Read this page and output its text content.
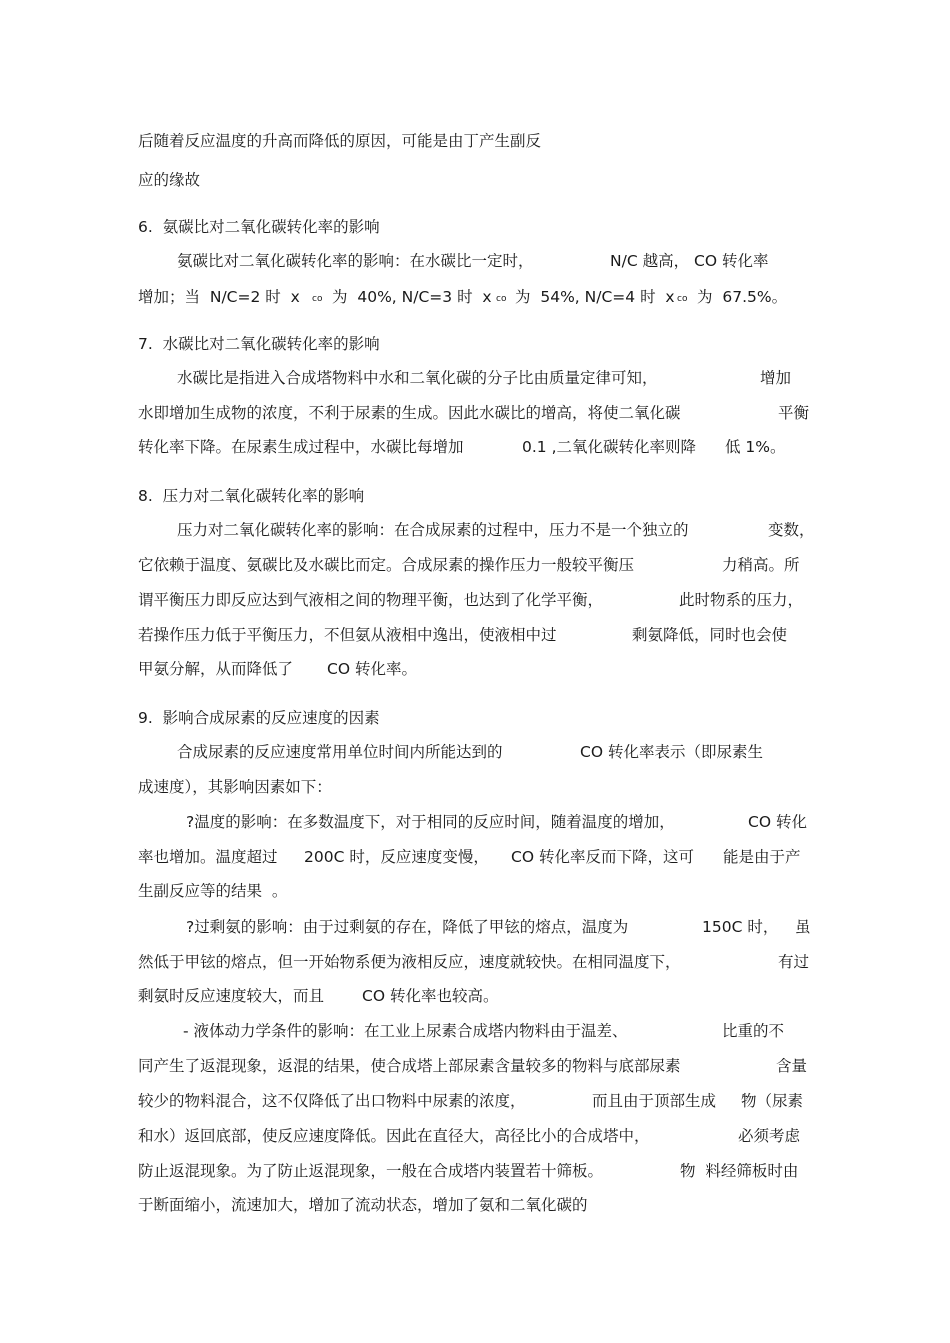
后随着反应温度的升高而降低的原因，可能是由丁产生副反
应的缘故
6.  氨碳比对二氧化碳转化率的影响
氨碳比对二氧化碳转化率的影响：在水碳比一定时，	N/C 越高， CO 转化率
增加；当  N/C=2 时  x co 为  40%, N/C=3 时  x co 为  54%, N/C=4 时  x co 为  67.5%。
7.  水碳比对二氧化碳转化率的影响
水碳比是指进入合成塔物料中水和二氧化碳的分子比由质量定律可知，	增加
水即增加生成物的浓度，不利于尿素的生成。因此水碳比的增高，将使二氧化碳	平衡
转化率下降。在尿素生成过程中，水碳比每增加	0.1 ,二氧化碳转化率则降 低 1%。
8.  压力对二氧化碳转化率的影响
压力对二氧化碳转化率的影响：在合成尿素的过程中，压力不是一个独立的	变数，
它依赖于温度、氨碳比及水碳比而定。合成尿素的操作压力一般较平衡压	力稍高。所
谓平衡压力即反应达到气液相之间的物理平衡，也达到了化学平衡，	此时物系的压力，
若操作压力低于平衡压力，不但氨从液相中逸出，使液相中过	剩氨降低，同时也会使
甲氨分解，从而降低了 CO 转化率。
9.  影响合成尿素的反应速度的因素
合成尿素的反应速度常用单位时间内所能达到的	CO 转化率表示（即尿素生
成速度），其影响因素如下：
?温度的影响：在多数温度下，对于相同的反应时间，随着温度的增加，	CO 转化
率也增加。温度超过 200C 时，反应速度变慢， CO 转化率反而下降，这可 能是由于产
生副反应等的结果  。
?过剩氨的影响：由于过剩氨的存在，降低了甲铉的熔点，温度为	150C 时， 虽
然低于甲铉的熔点，但一开始物系便为液相反应，速度就较快。在相同温度下，	有过
剩氨时反应速度较大，而且 CO 转化率也较高。
- 液体动力学条件的影响：在工业上尿素合成塔内物料由于温差、	比重的不
同产生了返混现象，返混的结果，使合成塔上部尿素含量较多的物料与底部尿素	含量
较少的物料混合，这不仅降低了出口物料中尿素的浓度，	而且由于顶部生成 物（尿素
和水）返回底部，使反应速度降低。因此在直径大，高径比小的合成塔中，	必须考虑
防止返混现象。为了防止返混现象，一般在合成塔内装置若十筛板。	物  料经筛板时由
于断面缩小，流速加大，增加了流动状态，增加了氨和二氧化碳的
